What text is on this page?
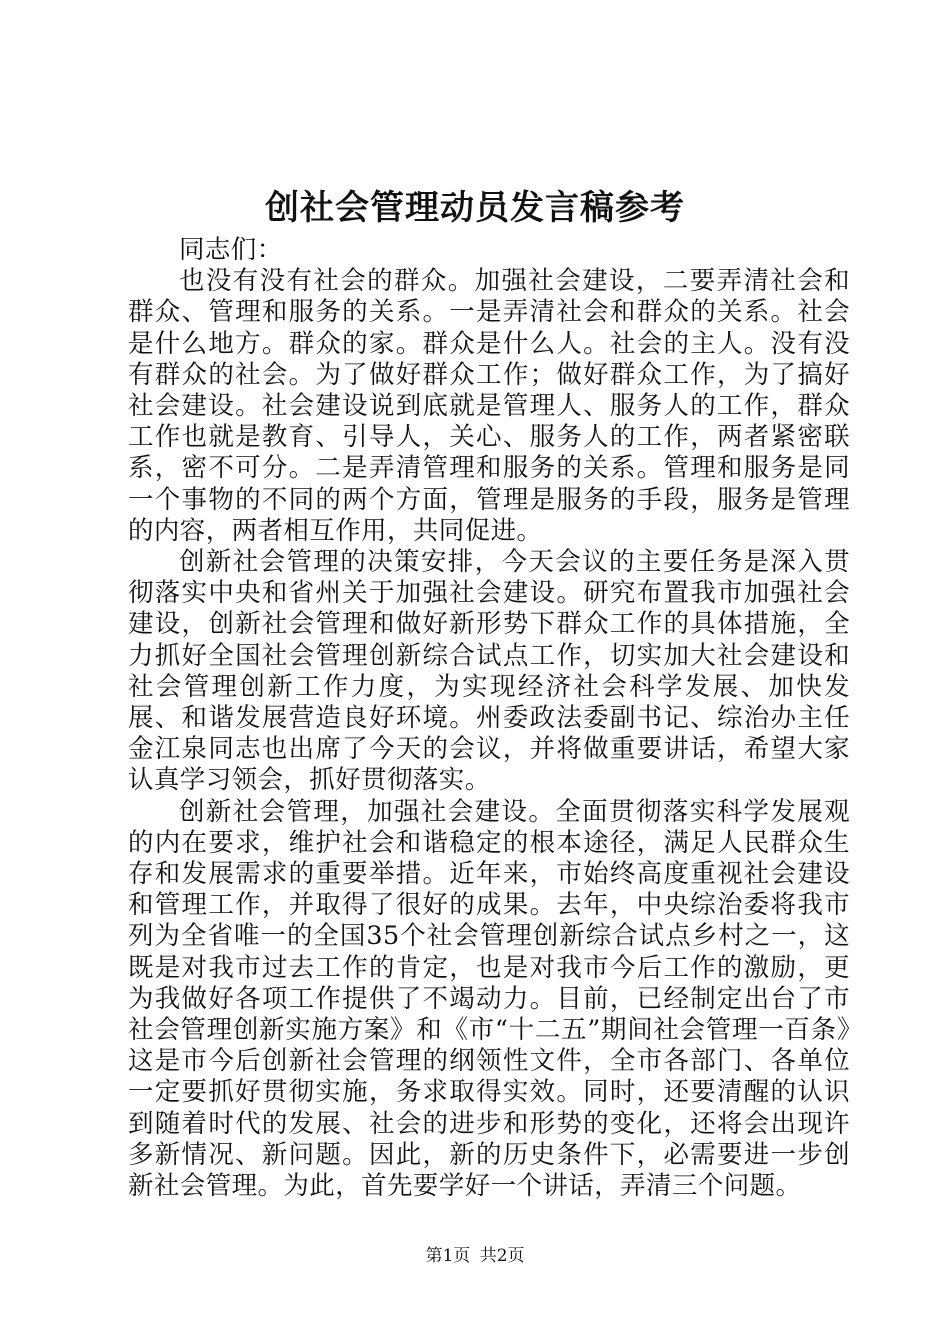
创社会管理动员发言稿参考
同志们：

也没有没有社会的群众。加强社会建设，二要弄清社会和群众、管理和服务的关系。一是弄清社会和群众的关系。社会是什么地方。群众的家。群众是什么人。社会的主人。没有没有群众的社会。为了做好群众工作；做好群众工作，为了搞好社会建设。社会建设说到底就是管理人、服务人的工作，群众工作也就是教育、引导人，关心、服务人的工作，两者紧密联系，密不可分。二是弄清管理和服务的关系。管理和服务是同一个事物的不同的两个方面，管理是服务的手段，服务是管理的内容，两者相互作用，共同促进。

创新社会管理的决策安排，今天会议的主要任务是深入贯彻落实中央和省州关于加强社会建设。研究布置我市加强社会建设，创新社会管理和做好新形势下群众工作的具体措施，全力抓好全国社会管理创新综合试点工作，切实加大社会建设和社会管理创新工作力度，为实现经济社会科学发展、加快发展、和谐发展营造良好环境。州委政法委副书记、综治办主任金江泉同志也出席了今天的会议，并将做重要讲话，希望大家认真学习领会，抓好贯彻落实。

创新社会管理，加强社会建设。全面贯彻落实科学发展观的内在要求，维护社会和谐稳定的根本途径，满足人民群众生存和发展需求的重要举措。近年来，市始终高度重视社会建设和管理工作，并取得了很好的成果。去年，中央综治委将我市列为全省唯一的全国35个社会管理创新综合试点乡村之一，这既是对我市过去工作的肯定，也是对我市今后工作的激励，更为我做好各项工作提供了不竭动力。目前，已经制定出台了市社会管理创新实施方案》和《市“十二五”期间社会管理一百条》这是市今后创新社会管理的纲领性文件，全市各部门、各单位一定要抓好贯彻实施，务求取得实效。同时，还要清醒的认识到随着时代的发展、社会的进步和形势的变化，还将会出现许多新情况、新问题。因此，新的历史条件下，必需要进一步创新社会管理。为此，首先要学好一个讲话，弄清三个问题。

第1页 共2页
